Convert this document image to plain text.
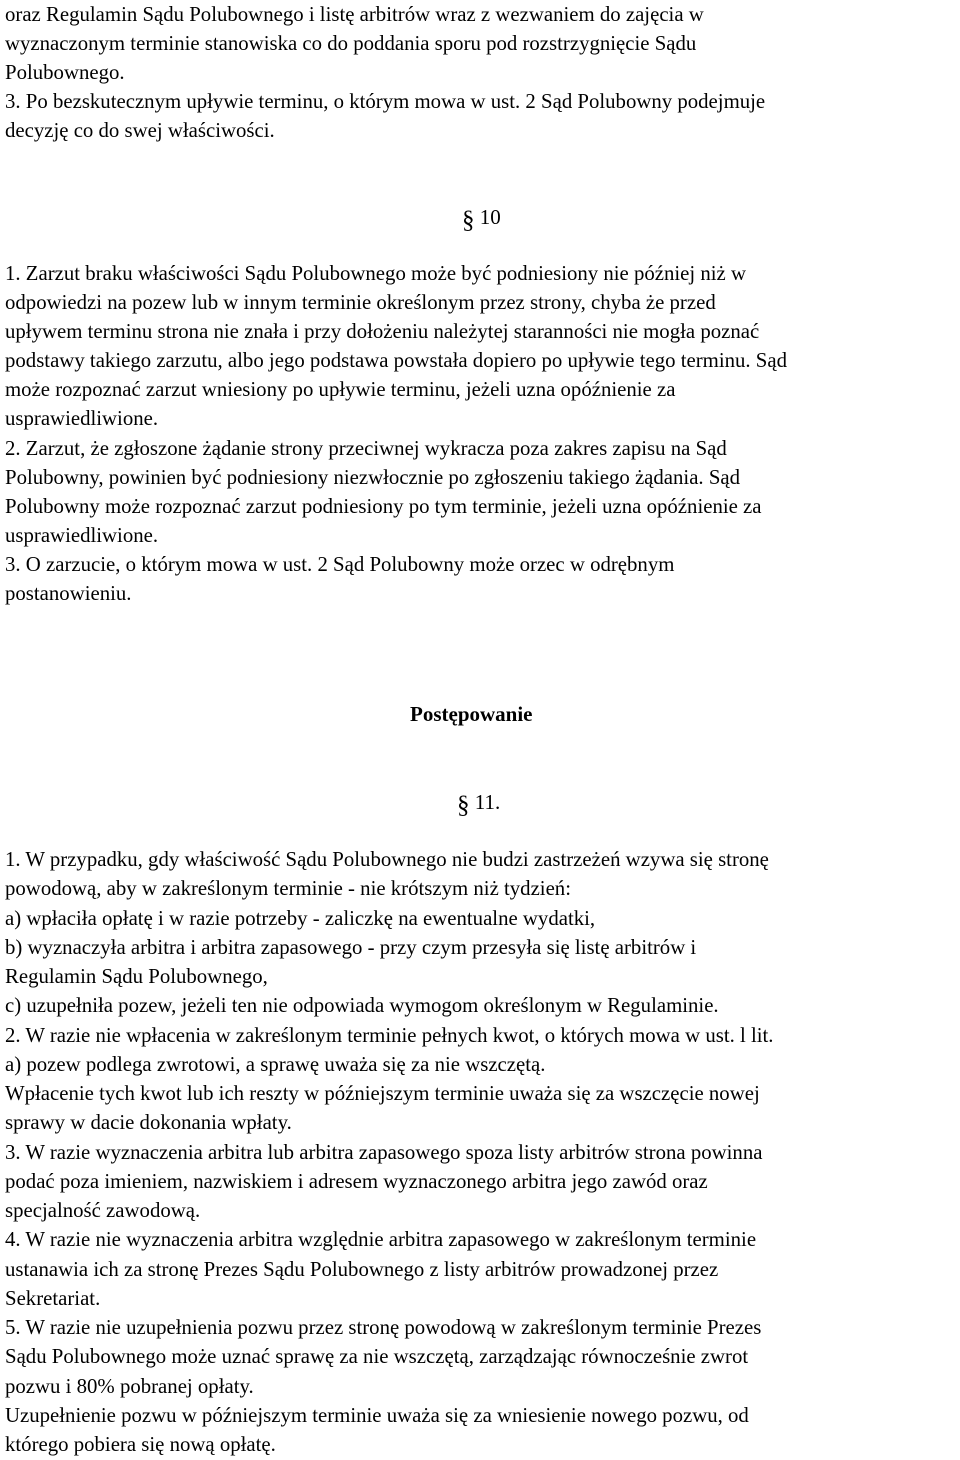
oraz Regulamin Sądu Polubownego i listę arbitrów wraz z wezwaniem do zajęcia w

wyznaczonym terminie stanowiska co do poddania sporu pod rozstrzygnięcie Sądu

Polubownego.

3. Po bezskutecznym upływie terminu, o którym mowa w ust. 2 Sąd Polubowny podejmuje

decyzję co do swej właściwości.

§ 10

1. Zarzut braku właściwości Sądu Polubownego może być podniesiony nie później niż w

odpowiedzi na pozew lub w innym terminie określonym przez strony, chyba że przed

upływem terminu strona nie znała i przy dołożeniu należytej staranności nie mogła poznać

podstawy takiego zarzutu, albo jego podstawa powstała dopiero po upływie tego terminu. Sąd

może rozpoznać zarzut wniesiony po upływie terminu, jeżeli uzna opóźnienie za

usprawiedliwione.

2. Zarzut, że zgłoszone żądanie strony przeciwnej wykracza poza zakres zapisu na Sąd

Polubowny, powinien być podniesiony niezwłocznie po zgłoszeniu takiego żądania. Sąd

Polubowny może rozpoznać zarzut podniesiony po tym terminie, jeżeli uzna opóźnienie za

usprawiedliwione.

3. O zarzucie, o którym mowa w ust. 2 Sąd Polubowny może orzec w odrębnym

postanowieniu.

Postępowanie
§ 11.

1. W przypadku, gdy właściwość Sądu Polubownego nie budzi zastrzeżeń wzywa się stronę

powodową, aby w zakreślonym terminie - nie krótszym niż tydzień:

a) wpłaciła opłatę i w razie potrzeby - zaliczkę na ewentualne wydatki,

b) wyznaczyła arbitra i arbitra zapasowego - przy czym przesyła się listę arbitrów i

Regulamin Sądu Polubownego,

c) uzupełniła pozew, jeżeli ten nie odpowiada wymogom określonym w Regulaminie.

2. W razie nie wpłacenia w zakreślonym terminie pełnych kwot, o których mowa w ust. l lit.

a) pozew podlega zwrotowi, a sprawę uważa się za nie wszczętą.

Wpłacenie tych kwot lub ich reszty w późniejszym terminie uważa się za wszczęcie nowej

sprawy w dacie dokonania wpłaty.

3. W razie wyznaczenia arbitra lub arbitra zapasowego spoza listy arbitrów strona powinna

podać poza imieniem, nazwiskiem i adresem wyznaczonego arbitra jego zawód oraz

specjalność zawodową.

4. W razie nie wyznaczenia arbitra względnie arbitra zapasowego w zakreślonym terminie

ustanawia ich za stronę Prezes Sądu Polubownego z listy arbitrów prowadzonej przez

Sekretariat.

5. W razie nie uzupełnienia pozwu przez stronę powodową w zakreślonym terminie Prezes

Sądu Polubownego może uznać sprawę za nie wszczętą, zarządzając równocześnie zwrot

pozwu i 80% pobranej opłaty.

Uzupełnienie pozwu w późniejszym terminie uważa się za wniesienie nowego pozwu, od

którego pobiera się nową opłatę.
